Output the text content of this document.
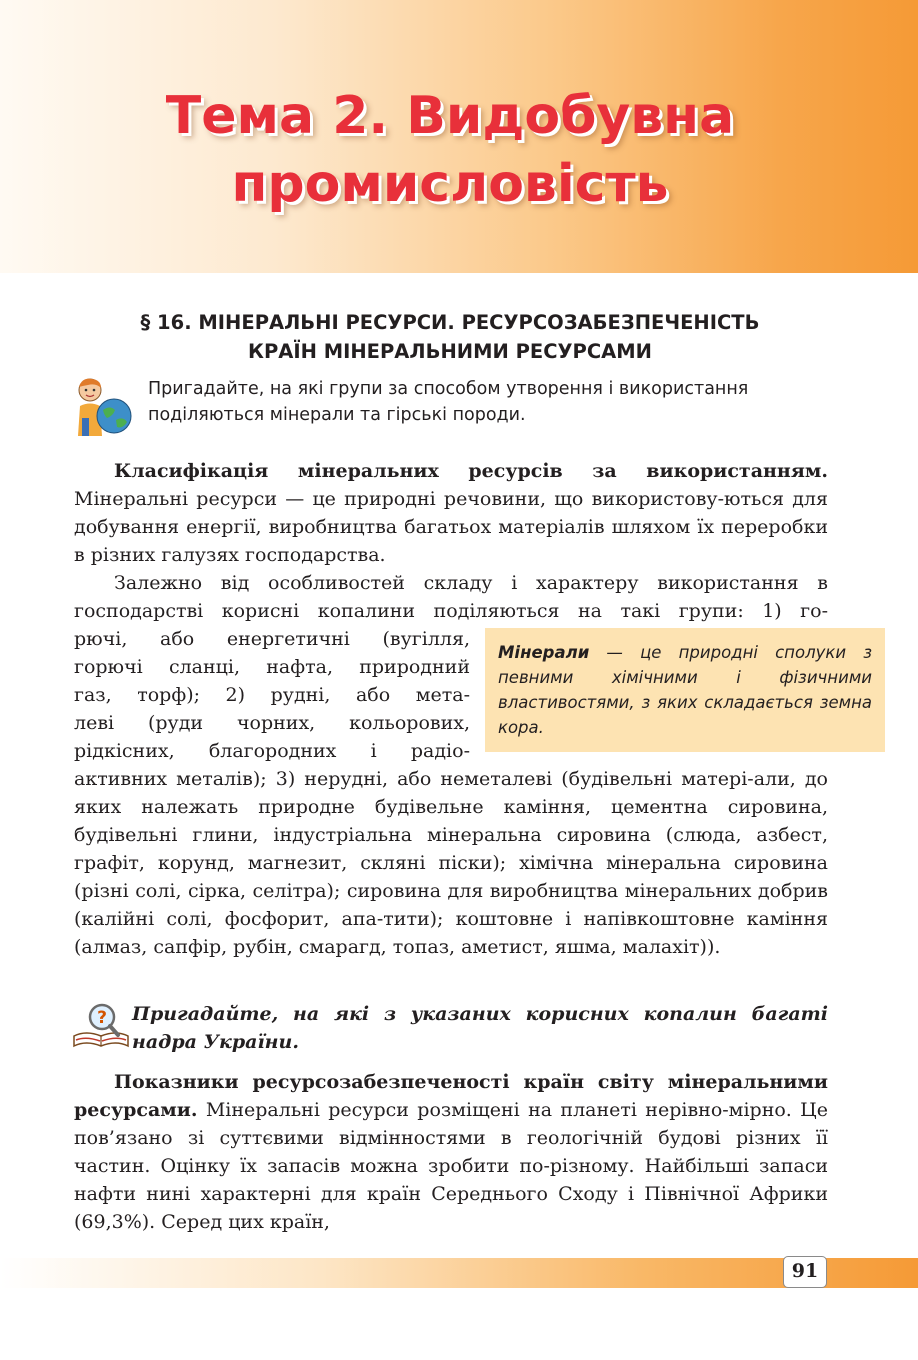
Тема 2. Видобувна
промисловість
§ 16. МІНЕРАЛЬНІ РЕСУРСИ. РЕСУРСОЗАБЕЗПЕЧЕНІСТЬ
КРАЇН МІНЕРАЛЬНИМИ РЕСУРСАМИ
Пригадайте, на які групи за способом утворення і використання поділяються мінерали та гірські породи.

Класифікація мінеральних ресурсів за використанням.

Мінеральні ресурси — це природні речовини, що використову-ються для добування енергії, виробництва багатьох матеріалів шляхом їх переробки в різних галузях господарства.

Залежно від особливостей складу і характеру використання в

господарстві корисні копалини поділяються на такі групи: 1) го-

рючі, або енергетичні (вугілля,

горючі сланці, нафта, природний

газ, торф); 2) рудні, або мета-

леві (руди чорних, кольорових,

рідкісних, благородних і радіо-

активних металів); 3) нерудні, або неметалеві (будівельні матері-али, до яких належать природне будівельне каміння, цементна сировина, будівельні глини, індустріальна мінеральна сировина (слюда, азбест, графіт, корунд, магнезит, скляні піски); хімічна мінеральна сировина (різні солі, сірка, селітра); сировина для виробництва мінеральних добрив (калійні солі, фосфорит, апа-тити); коштовне і напівкоштовне каміння (алмаз, сапфір, рубін, смарагд, топаз, аметист, яшма, малахіт)).

Мінерали — це природні сполуки з певними хімічними і фізичними властивостями, з яких складається земна кора.
? Пригадайте, на які з указаних корисних копалин багаті надра України.

Показники ресурсозабезпеченості країн світу мінеральними ресурсами. Мінеральні ресурси розміщені на планеті нерівно-мірно. Це пов’язано зі суттєвими відмінностями в геологічній будові різних її частин. Оцінку їх запасів можна зробити по-різному. Найбільші запаси нафти нині характерні для країн Середнього Сходу і Північної Африки (69,3%). Серед цих країн,

91
